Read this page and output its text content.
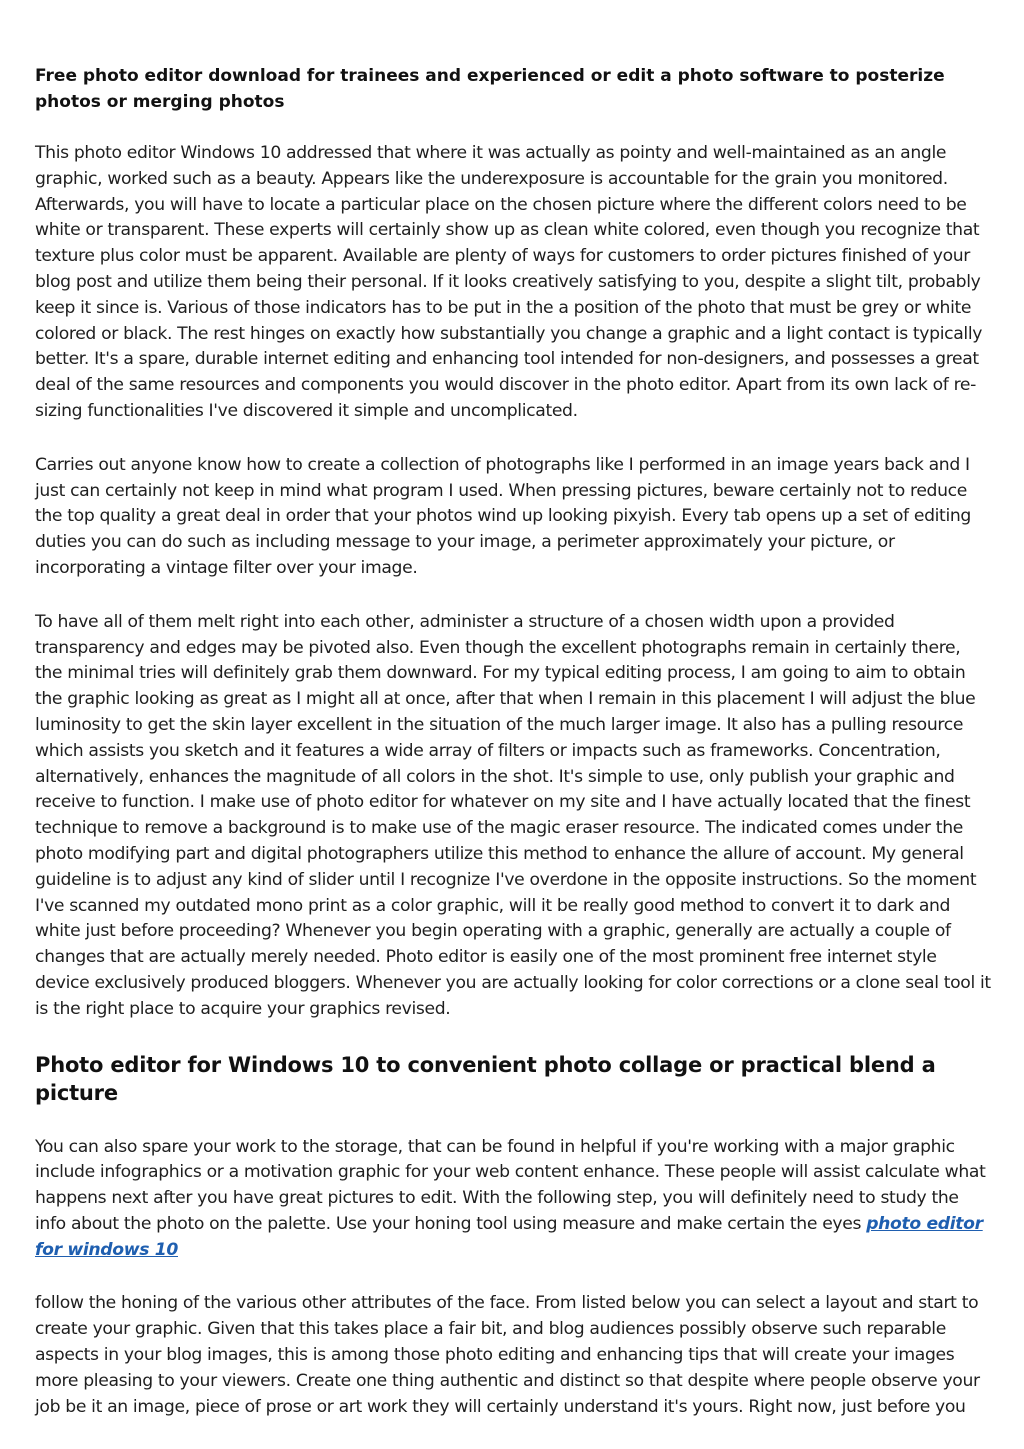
Free photo editor download for trainees and experienced or edit a photo software to posterize photos or merging photos

This photo editor Windows 10 addressed that where it was actually as pointy and well-maintained as an angle graphic, worked such as a beauty. Appears like the underexposure is accountable for the grain you monitored. Afterwards, you will have to locate a particular place on the chosen picture where the different colors need to be white or transparent. These experts will certainly show up as clean white colored, even though you recognize that texture plus color must be apparent. Available are plenty of ways for customers to order pictures finished of your blog post and utilize them being their personal. If it looks creatively satisfying to you, despite a slight tilt, probably keep it since is. Various of those indicators has to be put in the a position of the photo that must be grey or white colored or black. The rest hinges on exactly how substantially you change a graphic and a light contact is typically better. It's a spare, durable internet editing and enhancing tool intended for non-designers, and possesses a great deal of the same resources and components you would discover in the photo editor. Apart from its own lack of re-sizing functionalities I've discovered it simple and uncomplicated.

Carries out anyone know how to create a collection of photographs like I performed in an image years back and I just can certainly not keep in mind what program I used. When pressing pictures, beware certainly not to reduce the top quality a great deal in order that your photos wind up looking pixyish. Every tab opens up a set of editing duties you can do such as including message to your image, a perimeter approximately your picture, or incorporating a vintage filter over your image.

To have all of them melt right into each other, administer a structure of a chosen width upon a provided transparency and edges may be pivoted also. Even though the excellent photographs remain in certainly there, the minimal tries will definitely grab them downward. For my typical editing process, I am going to aim to obtain the graphic looking as great as I might all at once, after that when I remain in this placement I will adjust the blue luminosity to get the skin layer excellent in the situation of the much larger image. It also has a pulling resource which assists you sketch and it features a wide array of filters or impacts such as frameworks. Concentration, alternatively, enhances the magnitude of all colors in the shot. It's simple to use, only publish your graphic and receive to function. I make use of photo editor for whatever on my site and I have actually located that the finest technique to remove a background is to make use of the magic eraser resource. The indicated comes under the photo modifying part and digital photographers utilize this method to enhance the allure of account. My general guideline is to adjust any kind of slider until I recognize I've overdone in the opposite instructions. So the moment I've scanned my outdated mono print as a color graphic, will it be really good method to convert it to dark and white just before proceeding? Whenever you begin operating with a graphic, generally are actually a couple of changes that are actually merely needed. Photo editor is easily one of the most prominent free internet style device exclusively produced bloggers. Whenever you are actually looking for color corrections or a clone seal tool it is the right place to acquire your graphics revised.

Photo editor for Windows 10 to convenient photo collage or practical blend a picture

You can also spare your work to the storage, that can be found in helpful if you're working with a major graphic include infographics or a motivation graphic for your web content enhance. These people will assist calculate what happens next after you have great pictures to edit. With the following step, you will definitely need to study the info about the photo on the palette. Use your honing tool using measure and make certain the eyes photo editor for windows 10

follow the honing of the various other attributes of the face. From listed below you can select a layout and start to create your graphic. Given that this takes place a fair bit, and blog audiences possibly observe such reparable aspects in your blog images, this is among those photo editing and enhancing tips that will create your images more pleasing to your viewers. Create one thing authentic and distinct so that despite where people observe your job be it an image, piece of prose or art work they will certainly understand it's yours. Right now, just before you
